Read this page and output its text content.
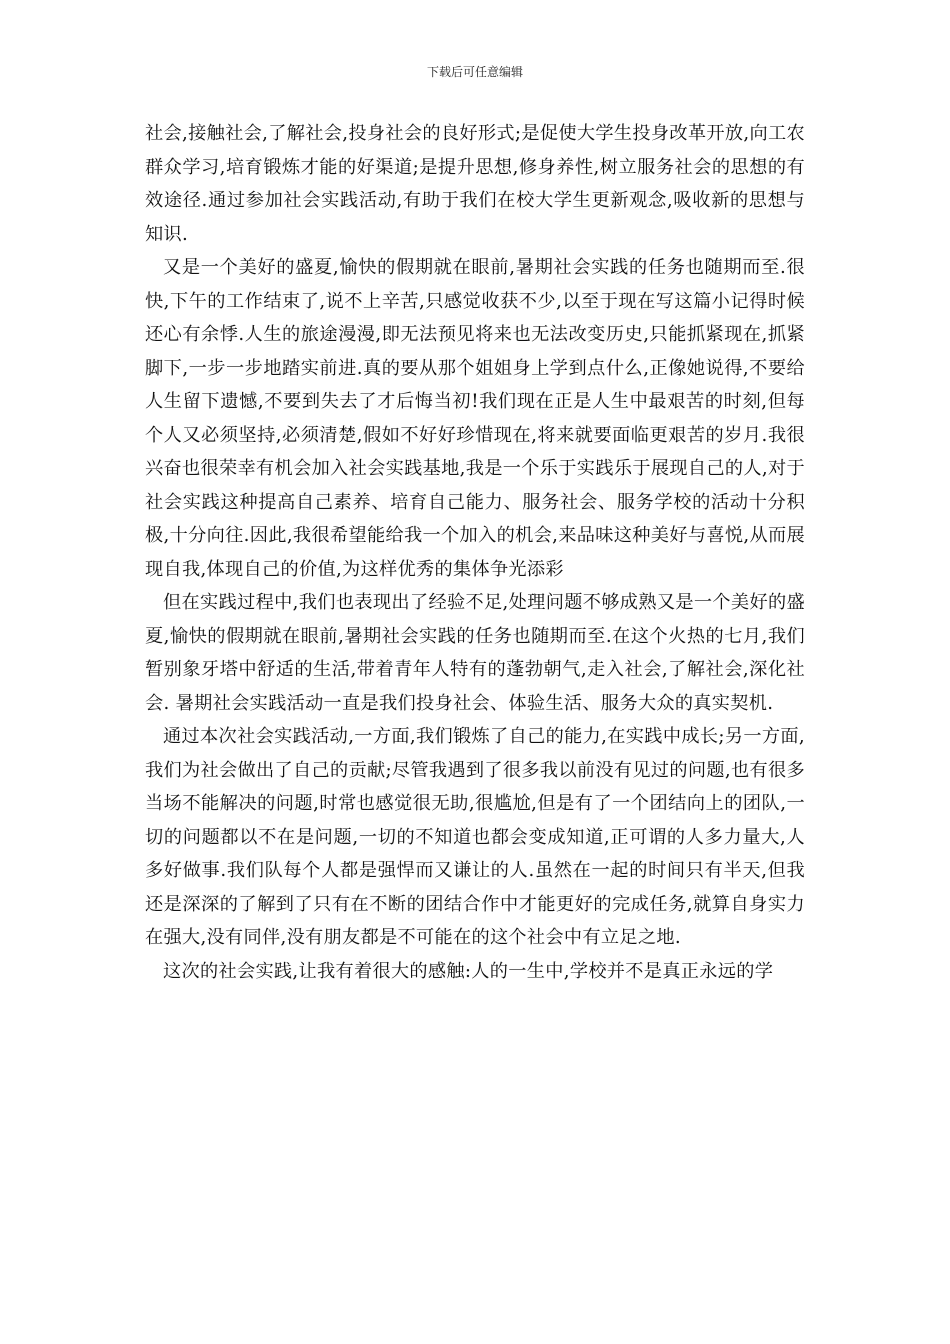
下载后可任意编辑

社会,接触社会,了解社会,投身社会的良好形式;是促使大学生投身改革开放,向工农群众学习,培育锻炼才能的好渠道;是提升思想,修身养性,树立服务社会的思想的有效途径.通过参加社会实践活动,有助于我们在校大学生更新观念,吸收新的思想与知识.

又是一个美好的盛夏,愉快的假期就在眼前,暑期社会实践的任务也随期而至.很快,下午的工作结束了,说不上辛苦,只感觉收获不少,以至于现在写这篇小记得时候还心有余悸.人生的旅途漫漫,即无法预见将来也无法改变历史,只能抓紧现在,抓紧脚下,一步一步地踏实前进.真的要从那个姐姐身上学到点什么,正像她说得,不要给人生留下遗憾,不要到失去了才后悔当初!我们现在正是人生中最艰苦的时刻,但每个人又必须坚持,必须清楚,假如不好好珍惜现在,将来就要面临更艰苦的岁月.我很兴奋也很荣幸有机会加入社会实践基地,我是一个乐于实践乐于展现自己的人,对于社会实践这种提高自己素养、培育自己能力、服务社会、服务学校的活动十分积极,十分向往.因此,我很希望能给我一个加入的机会,来品味这种美好与喜悦,从而展现自我,体现自己的价值,为这样优秀的集体争光添彩

但在实践过程中,我们也表现出了经验不足,处理问题不够成熟又是一个美好的盛夏,愉快的假期就在眼前,暑期社会实践的任务也随期而至.在这个火热的七月,我们暂别象牙塔中舒适的生活,带着青年人特有的蓬勃朝气,走入社会,了解社会,深化社会. 暑期社会实践活动一直是我们投身社会、体验生活、服务大众的真实契机.

通过本次社会实践活动,一方面,我们锻炼了自己的能力,在实践中成长;另一方面,我们为社会做出了自己的贡献;尽管我遇到了很多我以前没有见过的问题,也有很多当场不能解决的问题,时常也感觉很无助,很尴尬,但是有了一个团结向上的团队,一切的问题都以不在是问题,一切的不知道也都会变成知道,正可谓的人多力量大,人多好做事.我们队每个人都是强悍而又谦让的人.虽然在一起的时间只有半天,但我还是深深的了解到了只有在不断的团结合作中才能更好的完成任务,就算自身实力在强大,没有同伴,没有朋友都是不可能在的这个社会中有立足之地.

这次的社会实践,让我有着很大的感触:人的一生中,学校并不是真正永远的学
